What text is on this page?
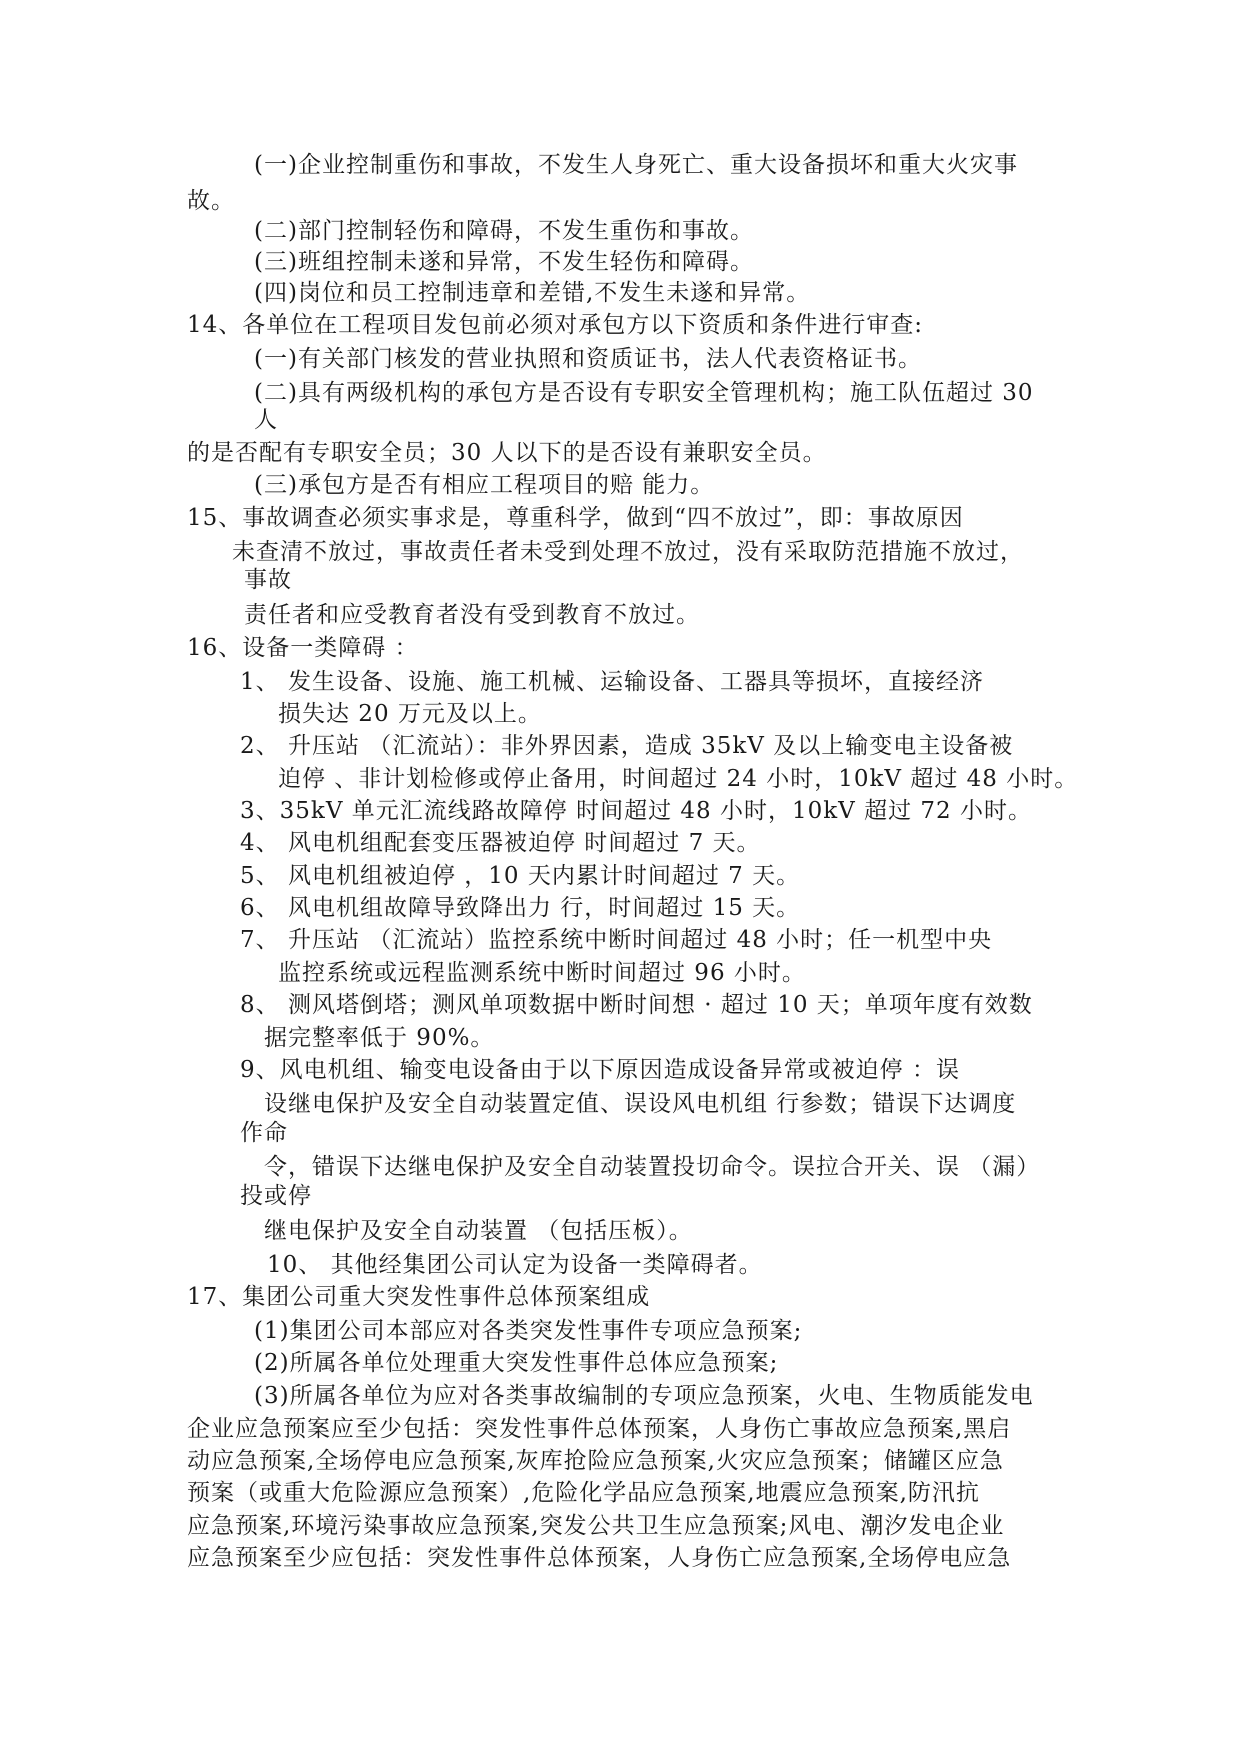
(一)企业控制重伤和事故，不发生人身死亡、重大设备损坏和重大火灾事
故。
(二)部门控制轻伤和障碍，不发生重伤和事故。
(三)班组控制未遂和异常，不发生轻伤和障碍。
(四)岗位和员工控制违章和差错,不发生未遂和异常。
14、各单位在工程项目发包前必须对承包方以下资质和条件进行审查:
(一)有关部门核发的营业执照和资质证书，法人代表资格证书。
(二)具有两级机构的承包方是否设有专职安全管理机构；施工队伍超过 30
人
的是否配有专职安全员；30 人以下的是否设有兼职安全员。
(三)承包方是否有相应工程项目的赔 能力。
15、事故调查必须实事求是，尊重科学，做到“四不放过”，即：事故原因
未查清不放过，事故责任者未受到处理不放过，没有采取防范措施不放过，
事故
责任者和应受教育者没有受到教育不放过。
16、设备一类障碍 ：
1、 发生设备、设施、施工机械、运输设备、工器具等损坏，直接经济
损失达 20 万元及以上。
2、 升压站 （汇流站）：非外界因素，造成 35kV 及以上输变电主设备被
迫停 、非计划检修或停止备用，时间超过 24 小时，10kV 超过 48 小时。
3、35kV 单元汇流线路故障停 时间超过 48 小时，10kV 超过 72 小时。
4、 风电机组配套变压器被迫停 时间超过 7 天。
5、 风电机组被迫停 ，10 天内累计时间超过 7 天。
6、 风电机组故障导致降出力 行，时间超过 15 天。
7、 升压站 （汇流站）监控系统中断时间超过 48 小时；任一机型中央
监控系统或远程监测系统中断时间超过 96 小时。
8、 测风塔倒塔；测风单项数据中断时间想 · 超过 10 天；单项年度有效数
据完整率低于 90%。
9、风电机组、输变电设备由于以下原因造成设备异常或被迫停 ：误
设继电保护及安全自动装置定值、误设风电机组 行参数；错误下达调度
作命
令，错误下达继电保护及安全自动装置投切命令。误拉合开关、误 （漏）
投或停
继电保护及安全自动装置 （包括压板）。
10、 其他经集团公司认定为设备一类障碍者。
17、集团公司重大突发性事件总体预案组成
(1)集团公司本部应对各类突发性事件专项应急预案;
(2)所属各单位处理重大突发性事件总体应急预案;
(3)所属各单位为应对各类事故编制的专项应急预案，火电、生物质能发电
企业应急预案应至少包括：突发性事件总体预案，人身伤亡事故应急预案,黑启
动应急预案,全场停电应急预案,灰库抢险应急预案,火灾应急预案；储罐区应急
预案（或重大危险源应急预案）,危险化学品应急预案,地震应急预案,防汛抗
应急预案,环境污染事故应急预案,突发公共卫生应急预案;风电、潮汐发电企业
应急预案至少应包括：突发性事件总体预案，人身伤亡应急预案,全场停电应急
